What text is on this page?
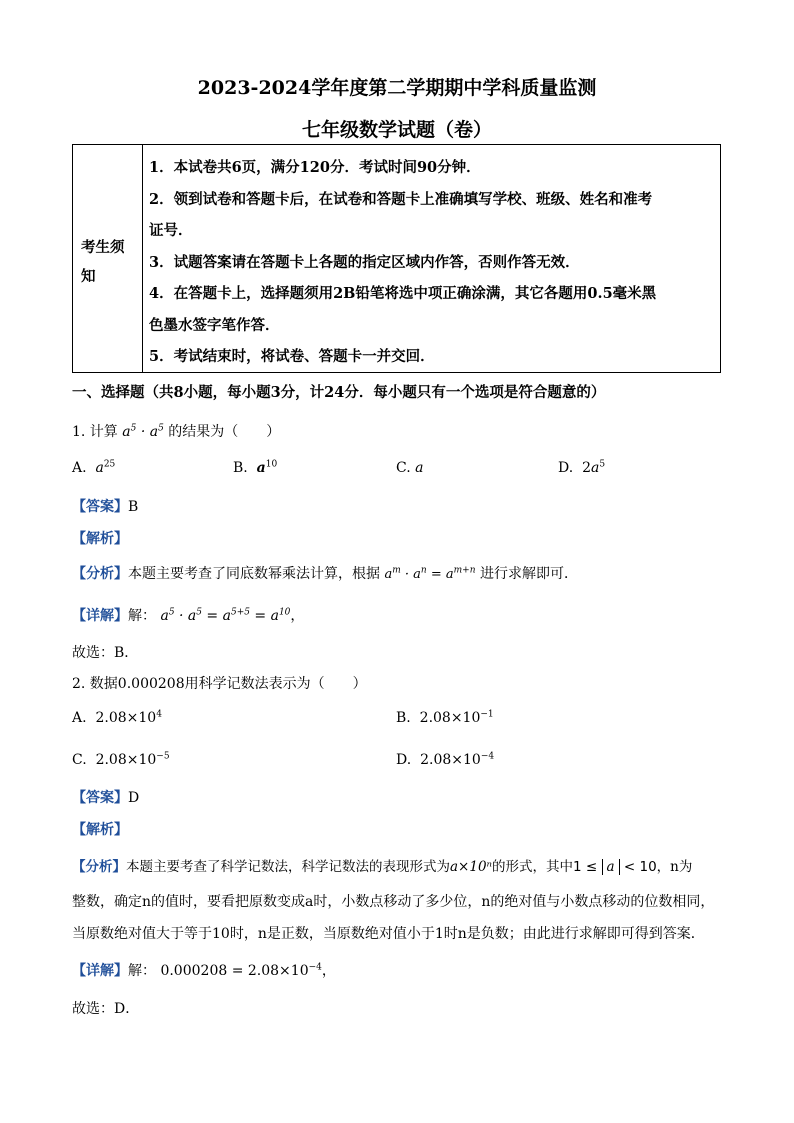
2023-2024学年度第二学期期中学科质量监测
七年级数学试题（卷）
考生须知
1．本试卷共6页，满分120分．考试时间90分钟．
2．领到试卷和答题卡后，在试卷和答题卡上准确填写学校、班级、姓名和准考
证号．
3．试题答案请在答题卡上各题的指定区域内作答，否则作答无效．
4．在答题卡上，选择题须用2B铅笔将选中项正确涂满，其它各题用0.5毫米黑
色墨水签字笔作答．
5．考试结束时，将试卷、答题卡一并交回．
一、选择题（共8小题，每小题3分，计24分．每小题只有一个选项是符合题意的）
1. 计算 $a^5 \cdot a^5$ 的结果为（　　）
A. $a^{25}$	B. $a^{10}$	C. a	D. $2a^5$
【答案】B
【解析】
【分析】本题主要考查了同底数幂乘法计算，根据 $a^m \cdot a^n = a^{m+n}$ 进行求解即可．
【详解】解： $a^5 \cdot a^5 = a^{5+5} = a^{10}$，
故选：B．
2. 数据0.000208用科学记数法表示为（　　）
A. $2.08\times 10^4$	B. $2.08\times 10^{-1}$
C. $2.08\times 10^{-5}$	D. $2.08\times 10^{-4}$
【答案】D
【解析】
【分析】本题主要考查了科学记数法，科学记数法的表现形式为a×10ⁿ的形式，其中1 ≤ a < 10，n为
整数，确定n的值时，要看把原数变成a时，小数点移动了多少位，n的绝对值与小数点移动的位数相同，
当原数绝对值大于等于10时，n是正数，当原数绝对值小于1时n是负数；由此进行求解即可得到答案．
【详解】解： $0.000208 = 2.08\times 10^{-4}$，
故选：D．
